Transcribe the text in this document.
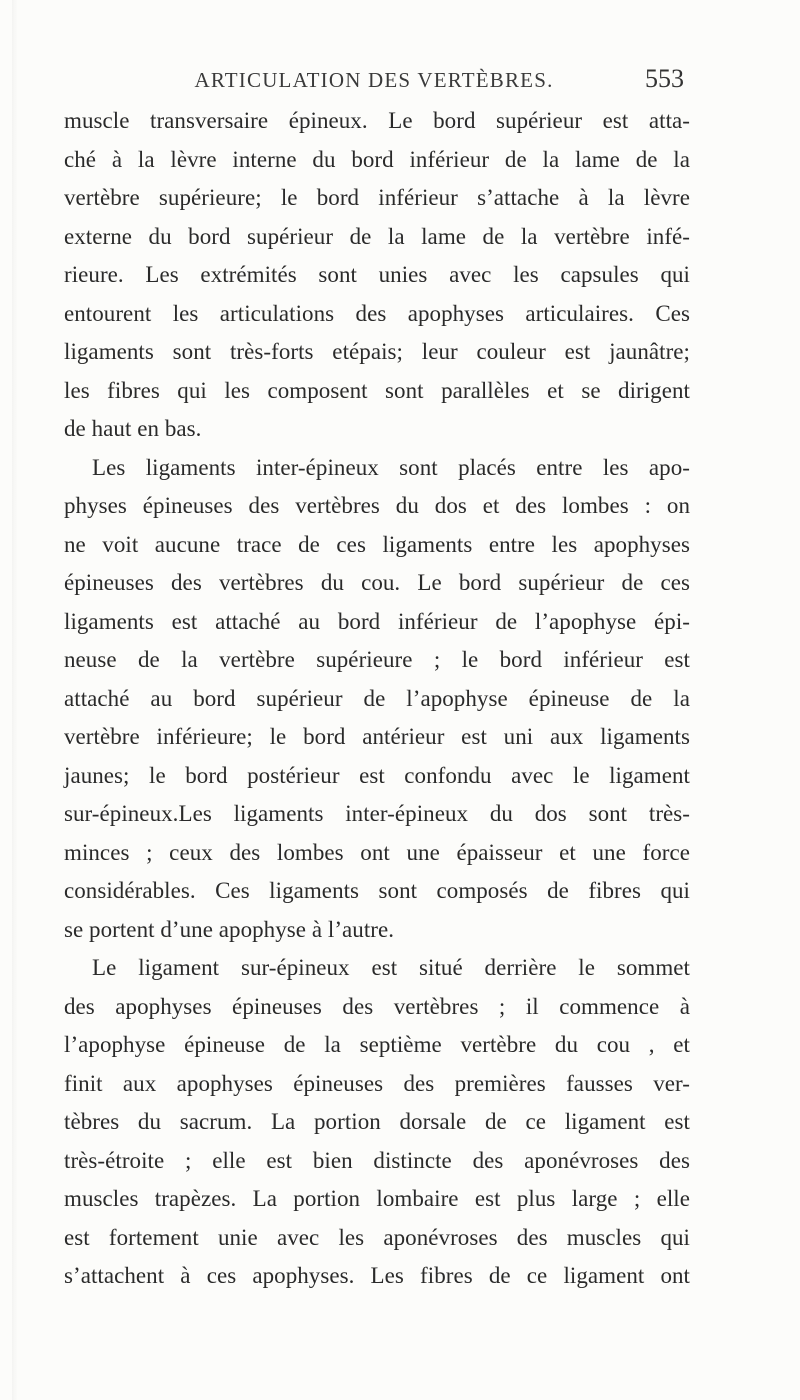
ARTICULATION DES VERTÈBRES.	553
muscle transversaire épineux. Le bord supérieur est atta-
ché à la lèvre interne du bord inférieur de la lame de la
vertèbre supérieure; le bord inférieur s’attache à la lèvre
externe du bord supérieur de la lame de la vertèbre infé-
rieure. Les extrémités sont unies avec les capsules qui
entourent les articulations des apophyses articulaires. Ces
ligaments sont très-forts etépais; leur couleur est jaunâtre;
les fibres qui les composent sont parallèles et se dirigent
de haut en bas.
Les ligaments inter-épineux sont placés entre les apo-
physes épineuses des vertèbres du dos et des lombes : on
ne voit aucune trace de ces ligaments entre les apophyses
épineuses des vertèbres du cou. Le bord supérieur de ces
ligaments est attaché au bord inférieur de l’apophyse épi-
neuse de la vertèbre supérieure ; le bord inférieur est
attaché au bord supérieur de l’apophyse épineuse de la
vertèbre inférieure; le bord antérieur est uni aux ligaments
jaunes; le bord postérieur est confondu avec le ligament
sur-épineux.Les ligaments inter-épineux du dos sont très-
minces ; ceux des lombes ont une épaisseur et une force
considérables. Ces ligaments sont composés de fibres qui
se portent d’une apophyse à l’autre.
Le ligament sur-épineux est situé derrière le sommet
des apophyses épineuses des vertèbres ; il commence à
l’apophyse épineuse de la septième vertèbre du cou , et
finit aux apophyses épineuses des premières fausses ver-
tèbres du sacrum. La portion dorsale de ce ligament est
très-étroite ; elle est bien distincte des aponévroses des
muscles trapèzes. La portion lombaire est plus large ; elle
est fortement unie avec les aponévroses des muscles qui
s’attachent à ces apophyses. Les fibres de ce ligament ont
